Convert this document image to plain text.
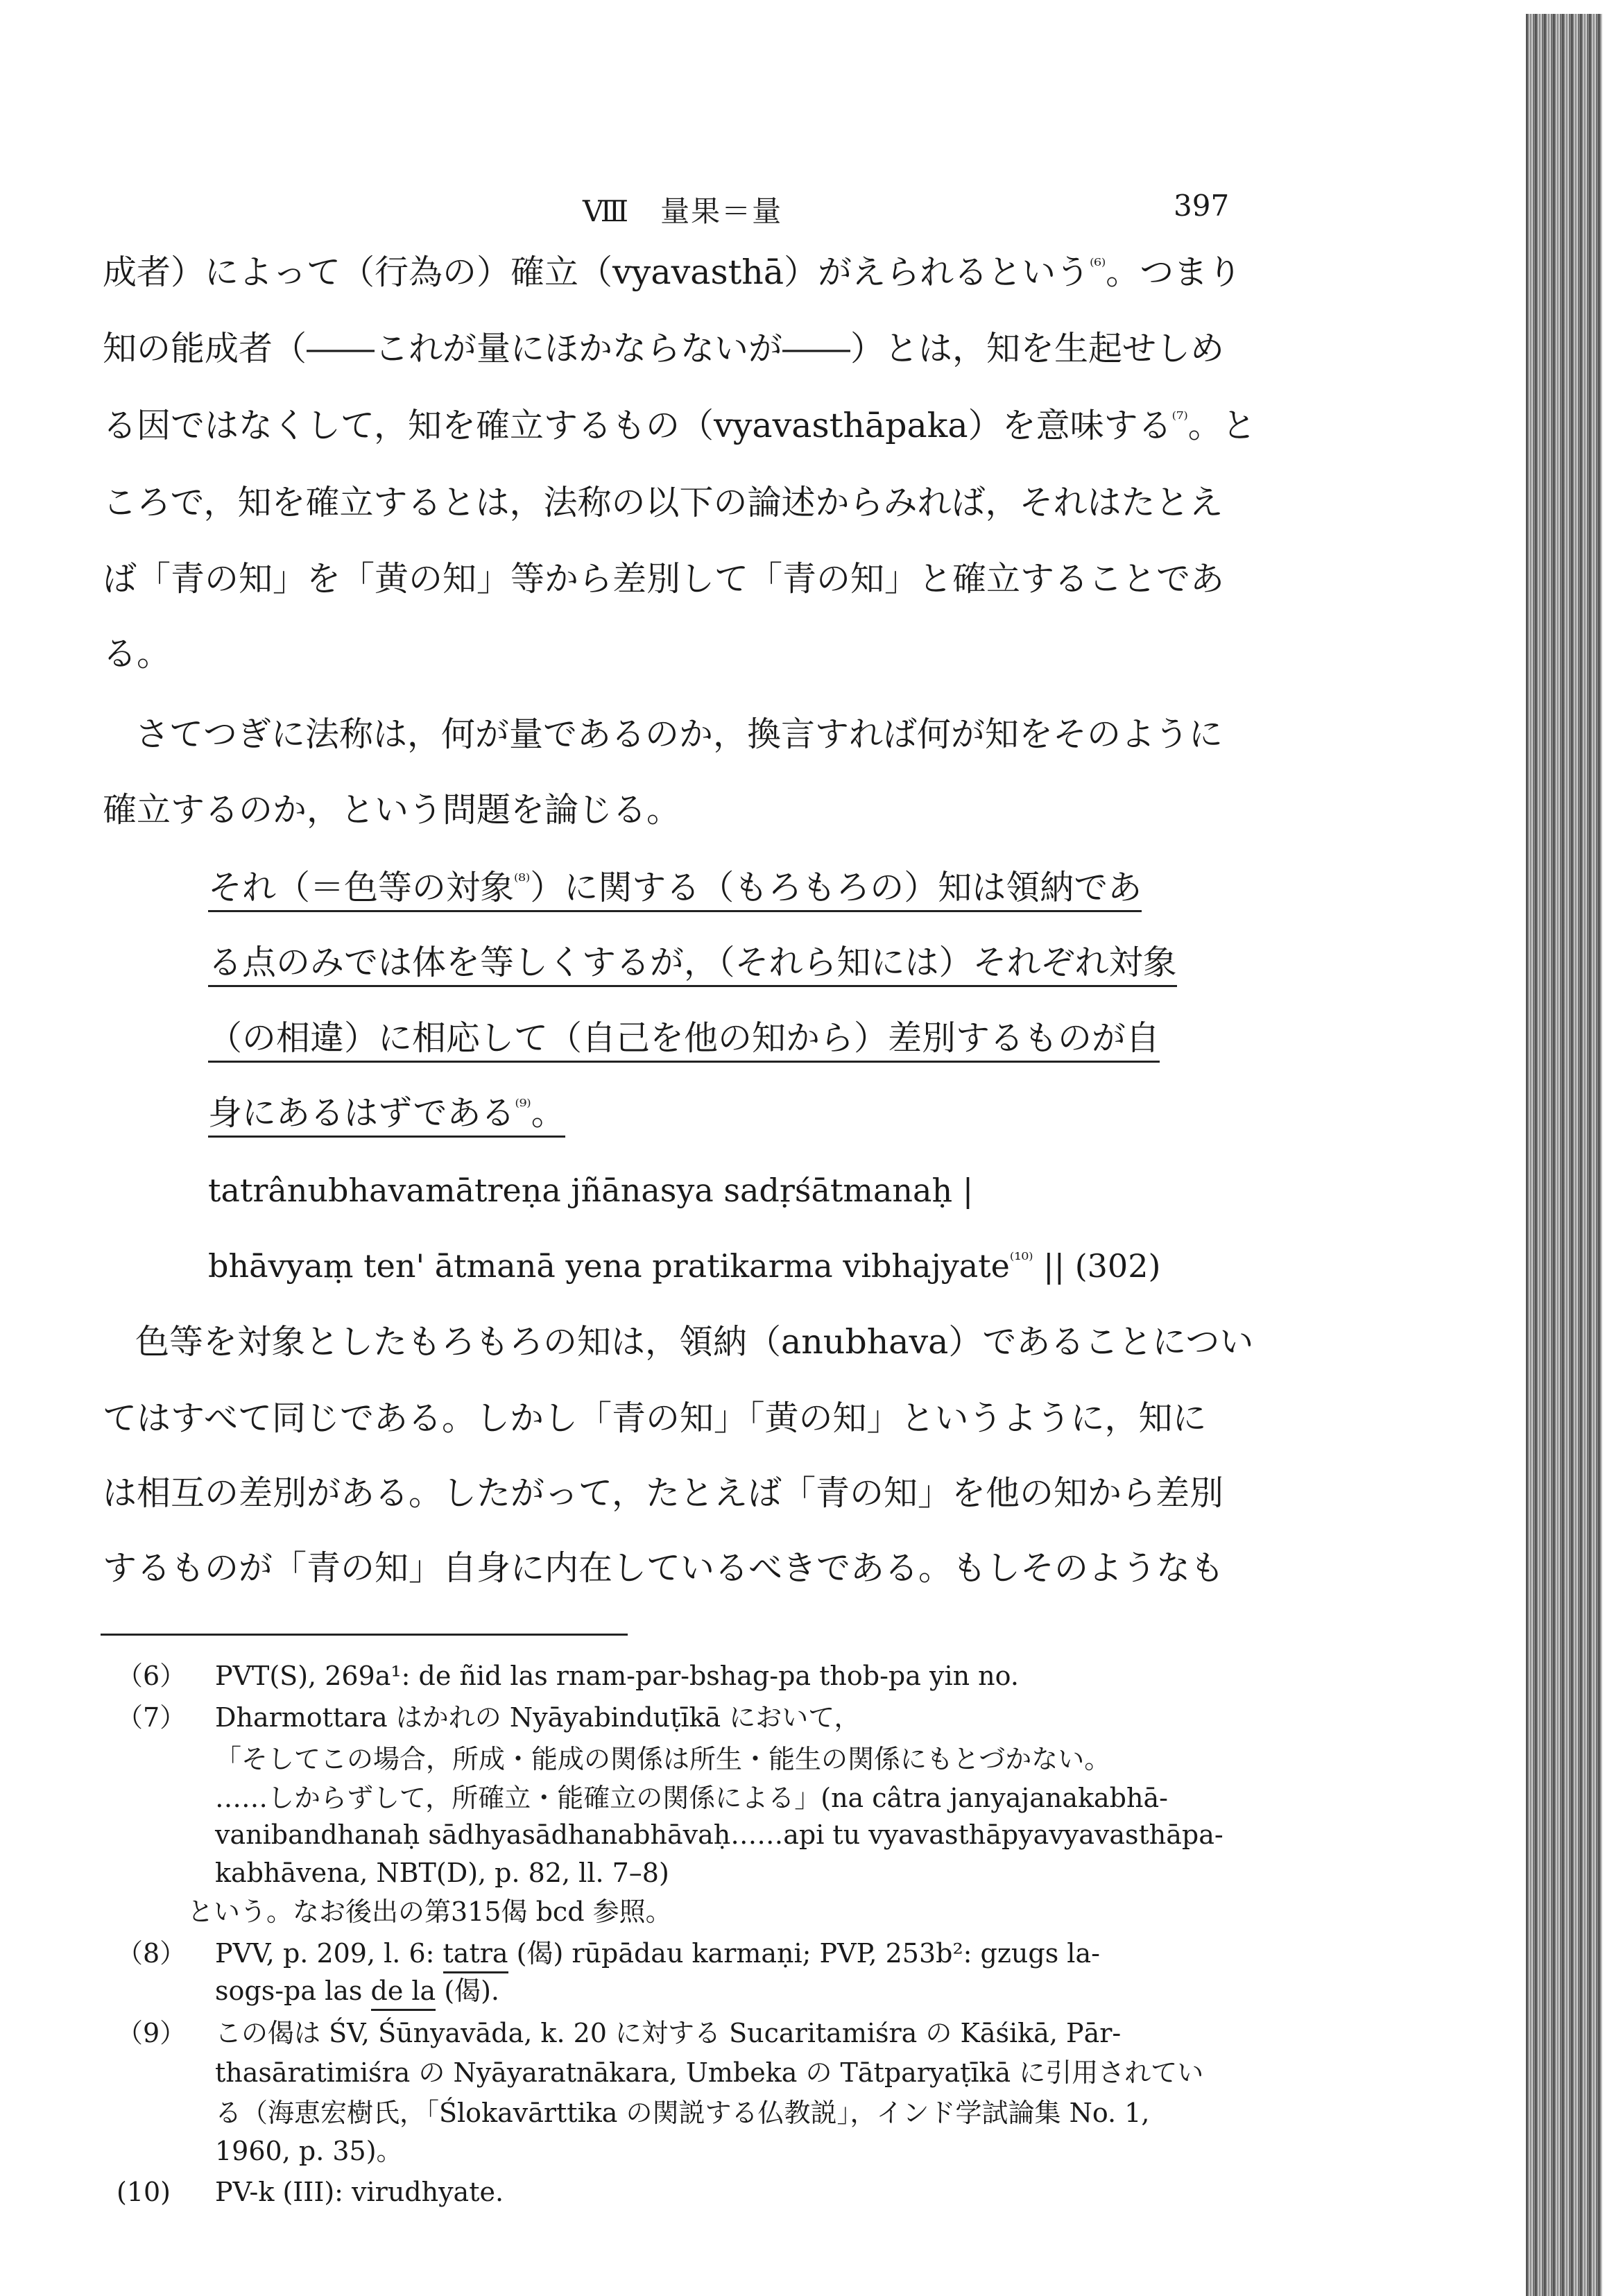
Ⅷ　量果＝量	397
成者）によって（行為の）確立（vyavasthā）がえられるという$^{^{(6)}}$。つまり
知の能成者（――これが量にほかならないが――）とは，知を生起せしめ
る因ではなくして，知を確立するもの（vyavasthāpaka）を意味する$^{^{(7)}}$。と
ころで，知を確立するとは，法称の以下の論述からみれば，それはたとえ
ば「青の知」を「黄の知」等から差別して「青の知」と確立することであ
る。
さてつぎに法称は，何が量であるのか，換言すれば何が知をそのように
確立するのか，という問題を論じる。
それ（＝色等の対象$^{^{(8)}}$）に関する（もろもろの）知は領納であ
る点のみでは体を等しくするが，（それら知には）それぞれ対象
（の相違）に相応して（自己を他の知から）差別するものが自
身にあるはずである$^{^{(9)}}$。
tatrânubhavamātreṇa jñānasya sadṛśātmanaḥ |
bhāvyaṃ ten' ātmanā yena pratikarma vibhajyate$^{^{(10)}}$ || (302)
色等を対象としたもろもろの知は，領納（anubhava）であることについ
てはすべて同じである。しかし「青の知」「黄の知」というように，知に
は相互の差別がある。したがって，たとえば「青の知」を他の知から差別
するものが「青の知」自身に内在しているべきである。もしそのようなも
（6） PVT(S), 269a¹: de ñid las rnam-par-bshag-pa thob-pa yin no.
（7） Dharmottara はかれの Nyāyabinduṭīkā において，
「そしてこの場合，所成・能成の関係は所生・能生の関係にもとづかない。
……しからずして，所確立・能確立の関係による」(na câtra janyajanakabhā-
vanibandhanaḥ sādhyasādhanabhāvaḥ……api tu vyavasthāpyavyavasthāpa-
kabhāvena, NBT(D), p. 82, ll. 7–8)
という。なお後出の第315偈 bcd 参照。
（8） PVV, p. 209, l. 6: tatra (偈) rūpādau karmaṇi; PVP, 253b²: gzugs la-
sogs-pa las de la (偈).
（9） この偈は ŚV, Śūnyavāda, k. 20 に対する Sucaritamiśra の Kāśikā, Pār-
thasāratimiśra の Nyāyaratnākara, Umbeka の Tātparyaṭīkā に引用されてい
る（海恵宏樹氏，「Ślokavārttika の関説する仏教説」，インド学試論集 No. 1,
1960, p. 35)。
(10) PV-k (III): virudhyate.
